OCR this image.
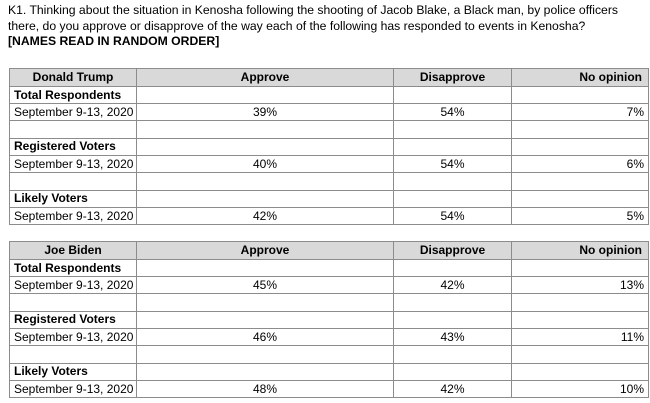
K1. Thinking about the situation in Kenosha following the shooting of Jacob Blake, a Black man, by police officers there, do you approve or disapprove of the way each of the following has responded to events in Kenosha?
[NAMES READ IN RANDOM ORDER]
Donald Trump	Approve	Disapprove	No opinion
Total Respondents			
September 9-13, 2020	39%	54%	7%

Registered Voters			
September 9-13, 2020	40%	54%	6%

Likely Voters			
September 9-13, 2020	42%	54%	5%
Joe Biden	Approve	Disapprove	No opinion
Total Respondents			
September 9-13, 2020	45%	42%	13%

Registered Voters			
September 9-13, 2020	46%	43%	11%

Likely Voters			
September 9-13, 2020	48%	42%	10%
